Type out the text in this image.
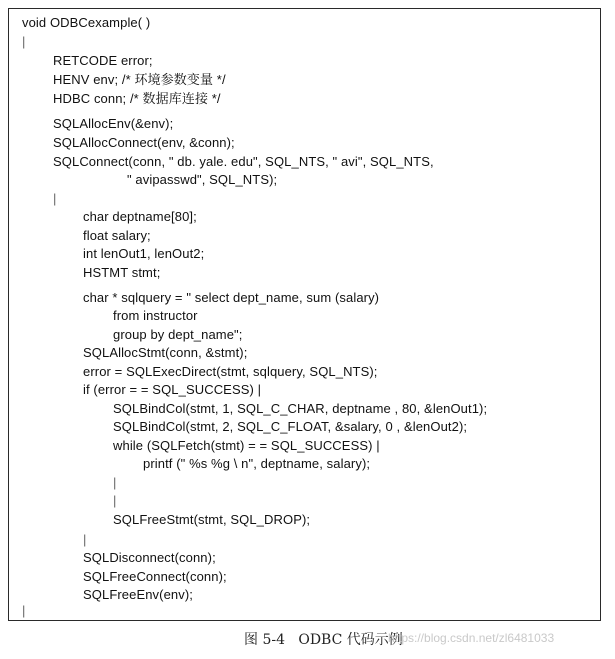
void ODBCexample( )
|
RETCODE error;
HENV env; /* 环境参数变量 */
HDBC conn; /* 数据库连接 */
SQLAllocEnv(&env);
SQLAllocConnect(env, &conn);
SQLConnect(conn, " db. yale. edu", SQL_NTS, " avi", SQL_NTS,
" avipasswd", SQL_NTS);
|
char deptname[80];
float salary;
int lenOut1, lenOut2;
HSTMT stmt;
char * sqlquery = " select dept_name, sum (salary)
from instructor
group by dept_name";
SQLAllocStmt(conn, &stmt);
error = SQLExecDirect(stmt, sqlquery, SQL_NTS);
if (error = = SQL_SUCCESS) |
SQLBindCol(stmt, 1, SQL_C_CHAR, deptname , 80, &lenOut1);
SQLBindCol(stmt, 2, SQL_C_FLOAT, &salary, 0 , &lenOut2);
while (SQLFetch(stmt) = = SQL_SUCCESS) |
printf (" %s %g \ n", deptname, salary);
|
|
SQLFreeStmt(stmt, SQL_DROP);
|
SQLDisconnect(conn);
SQLFreeConnect(conn);
SQLFreeEnv(env);
|
图 5-4   ODBC 代码示例
https://blog.csdn.net/zl6481033
